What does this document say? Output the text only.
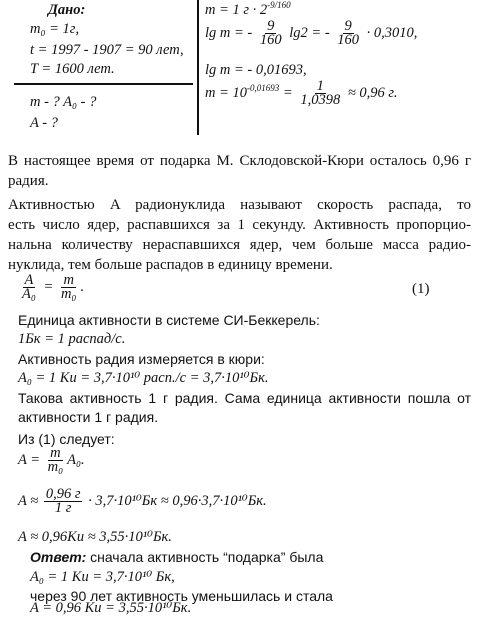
Дано:
m₀ = 1г,
t = 1997 - 1907 = 90 лет,
T = 1600 лет.
m - ? A₀ - ?
A - ?
m = 1 $г \cdot 2^{-9/160}$
lg m = - $\frac{9}{160} \lg 2$ = - $\frac{9}{160} \cdot 0,3010$,
lg m = - 0,01693,
$m = 10^{-0,01693} = \frac{1}{1,0398} \approx 0,96$ г.
В настоящее время от подарка М. Склодовской-Кюри осталось 0,96 г
радия.
Активностью A радионуклида называют скорость распада, то
есть число ядер, распавшихся за 1 секунду. Активность пропорцио-
нальна количеству нераспавшихся ядер, чем больше масса радио-
нуклида, тем больше распадов в единицу времени.
$\frac{A}{\text{A₀}} = \frac{m}{\text{m₀}}$ .	(1)
Единица активности в системе СИ-Беккерель:
1Бк = 1 распад/с.
Активность радия измеряется в кюри:
A₀ = 1 Ku = 3,7·10¹⁰ расп./с = 3,7·10¹⁰Бк.
Такова активность 1 г радия. Сама единица активности пошла от
активности 1 г радия.
Из (1) следует:
$A = \frac{m}{\text{m₀}} A_0$.
$A \approx \frac{0,96 г}{1 г} \cdot 3,7\cdot 10^{10}Бк \approx 0,96\cdot 3,7\cdot 10^{10}Бк$.
A ≈ 0,96Ku ≈ 3,55·10¹⁰Бк.
Ответ: сначала активность “подарка” была
A₀ = 1 Ku = 3,7·10¹⁰ Бк,
через 90 лет активность уменьшилась и стала
A = 0,96 Ku = 3,55·10¹⁰Бк.
